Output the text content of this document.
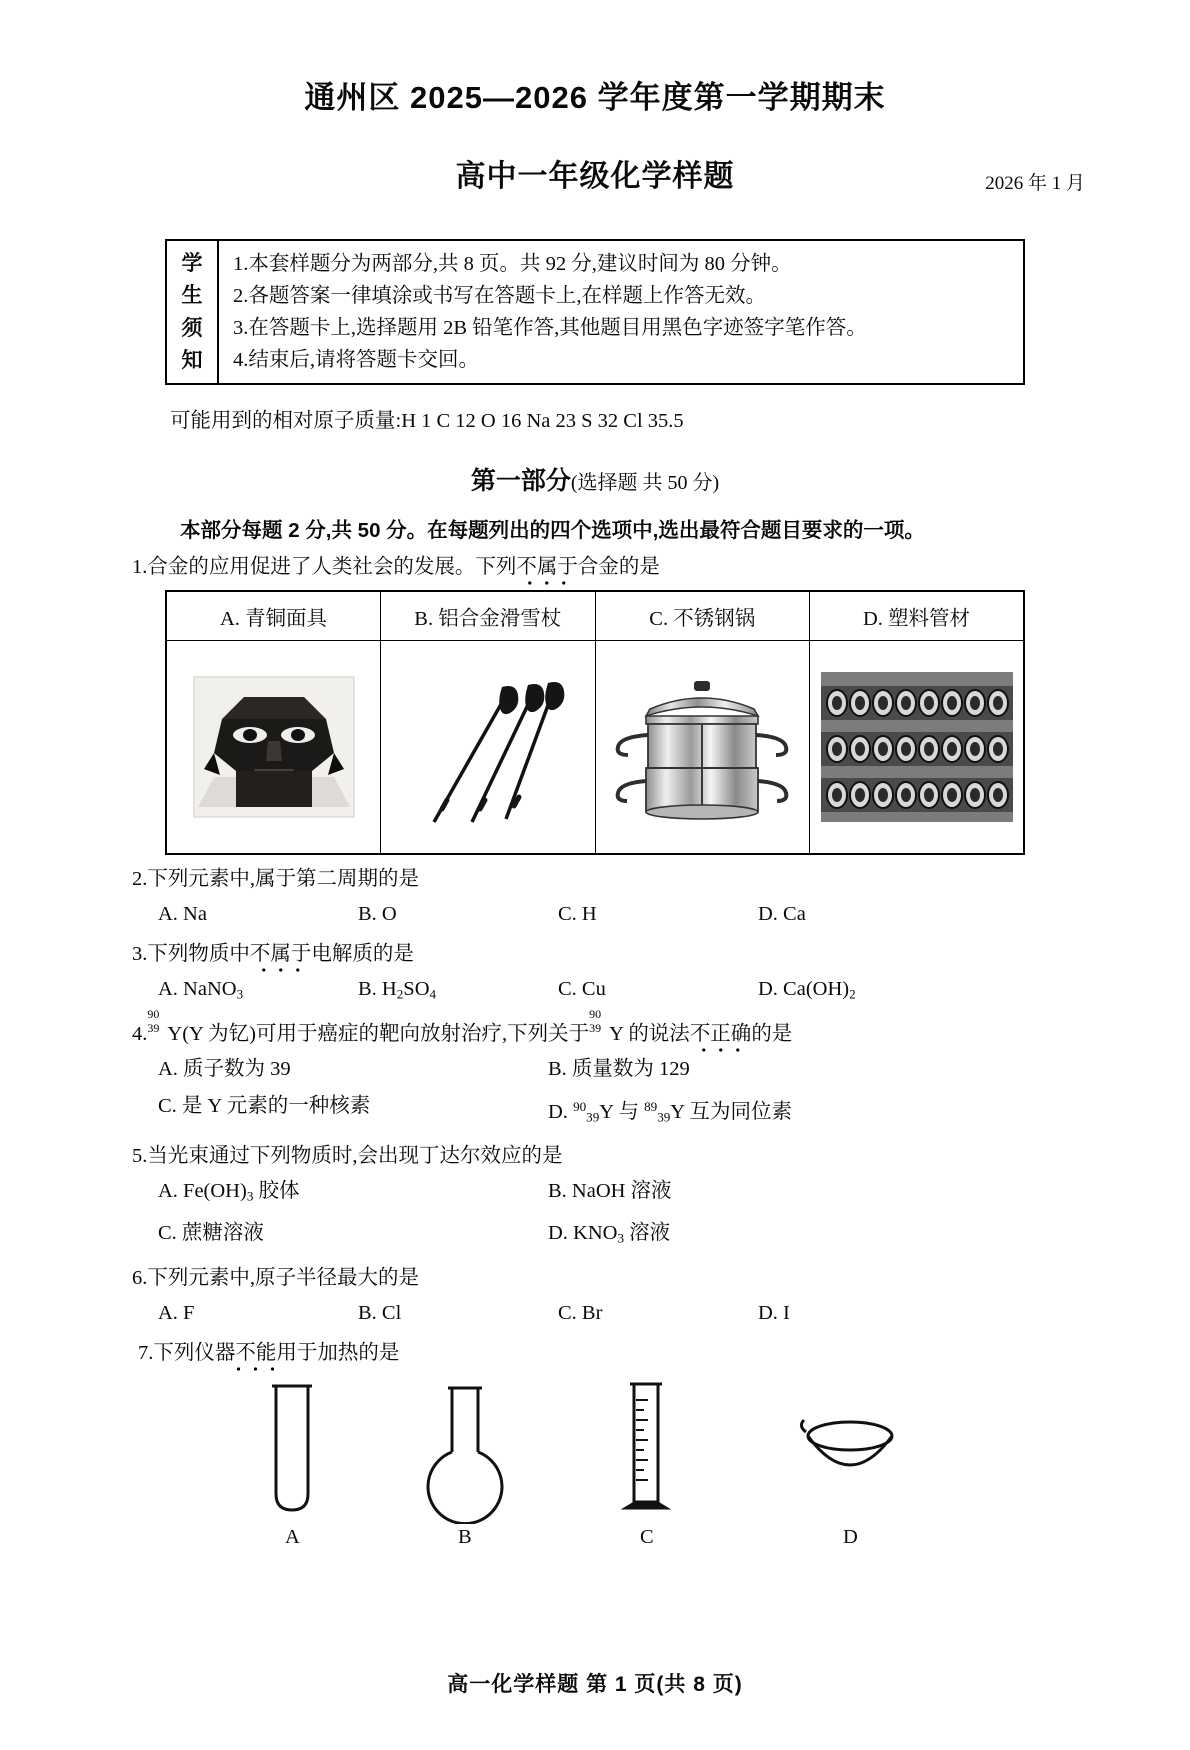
通州区 2025—2026 学年度第一学期期末
高中一年级化学样题	2026 年 1 月
学
生
须
知
1.本套样题分为两部分,共 8 页。共 92 分,建议时间为 80 分钟。
2.各题答案一律填涂或书写在答题卡上,在样题上作答无效。
3.在答题卡上,选择题用 2B 铅笔作答,其他题目用黑色字迹签字笔作答。
4.结束后,请将答题卡交回。
可能用到的相对原子质量:H 1 C 12 O 16 Na 23 S 32 Cl 35.5
第一部分(选择题 共 50 分)
本部分每题 2 分,共 50 分。在每题列出的四个选项中,选出最符合题目要求的一项。
1.合金的应用促进了人类社会的发展。下列不属于合金的是
A. 青铜面具	B. 铝合金滑雪杖	C. 不锈钢锅	D. 塑料管材

2.下列元素中,属于第二周期的是
A. Na	B. O	C. H	D. Ca
3.下列物质中不属于电解质的是
A. NaNO$_3$	B. $H_2SO_4$	C. Cu	D. $Ca(OH)_2$
4.
90
39 Y(Y 为钇)可用于癌症的靶向放射治疗,下列关于
90
39 Y 的说法不正确的是
A. 质子数为 39	B. 质量数为 129
C. 是 Y 元素的一种核素	D. $^{90}_{39}$Y 与 $^{89}_{39}$Y 互为同位素
5.当光束通过下列物质时,会出现丁达尔效应的是
A. $Fe(OH)_3$ 胶体	B. NaOH 溶液
C. 蔗糖溶液	D. $KNO_3$ 溶液
6.下列元素中,原子半径最大的是
A. F	B. Cl	C. Br	D. I
7.下列仪器不能用于加热的是
A	B	C	D
高一化学样题 第 1 页(共 8 页)
